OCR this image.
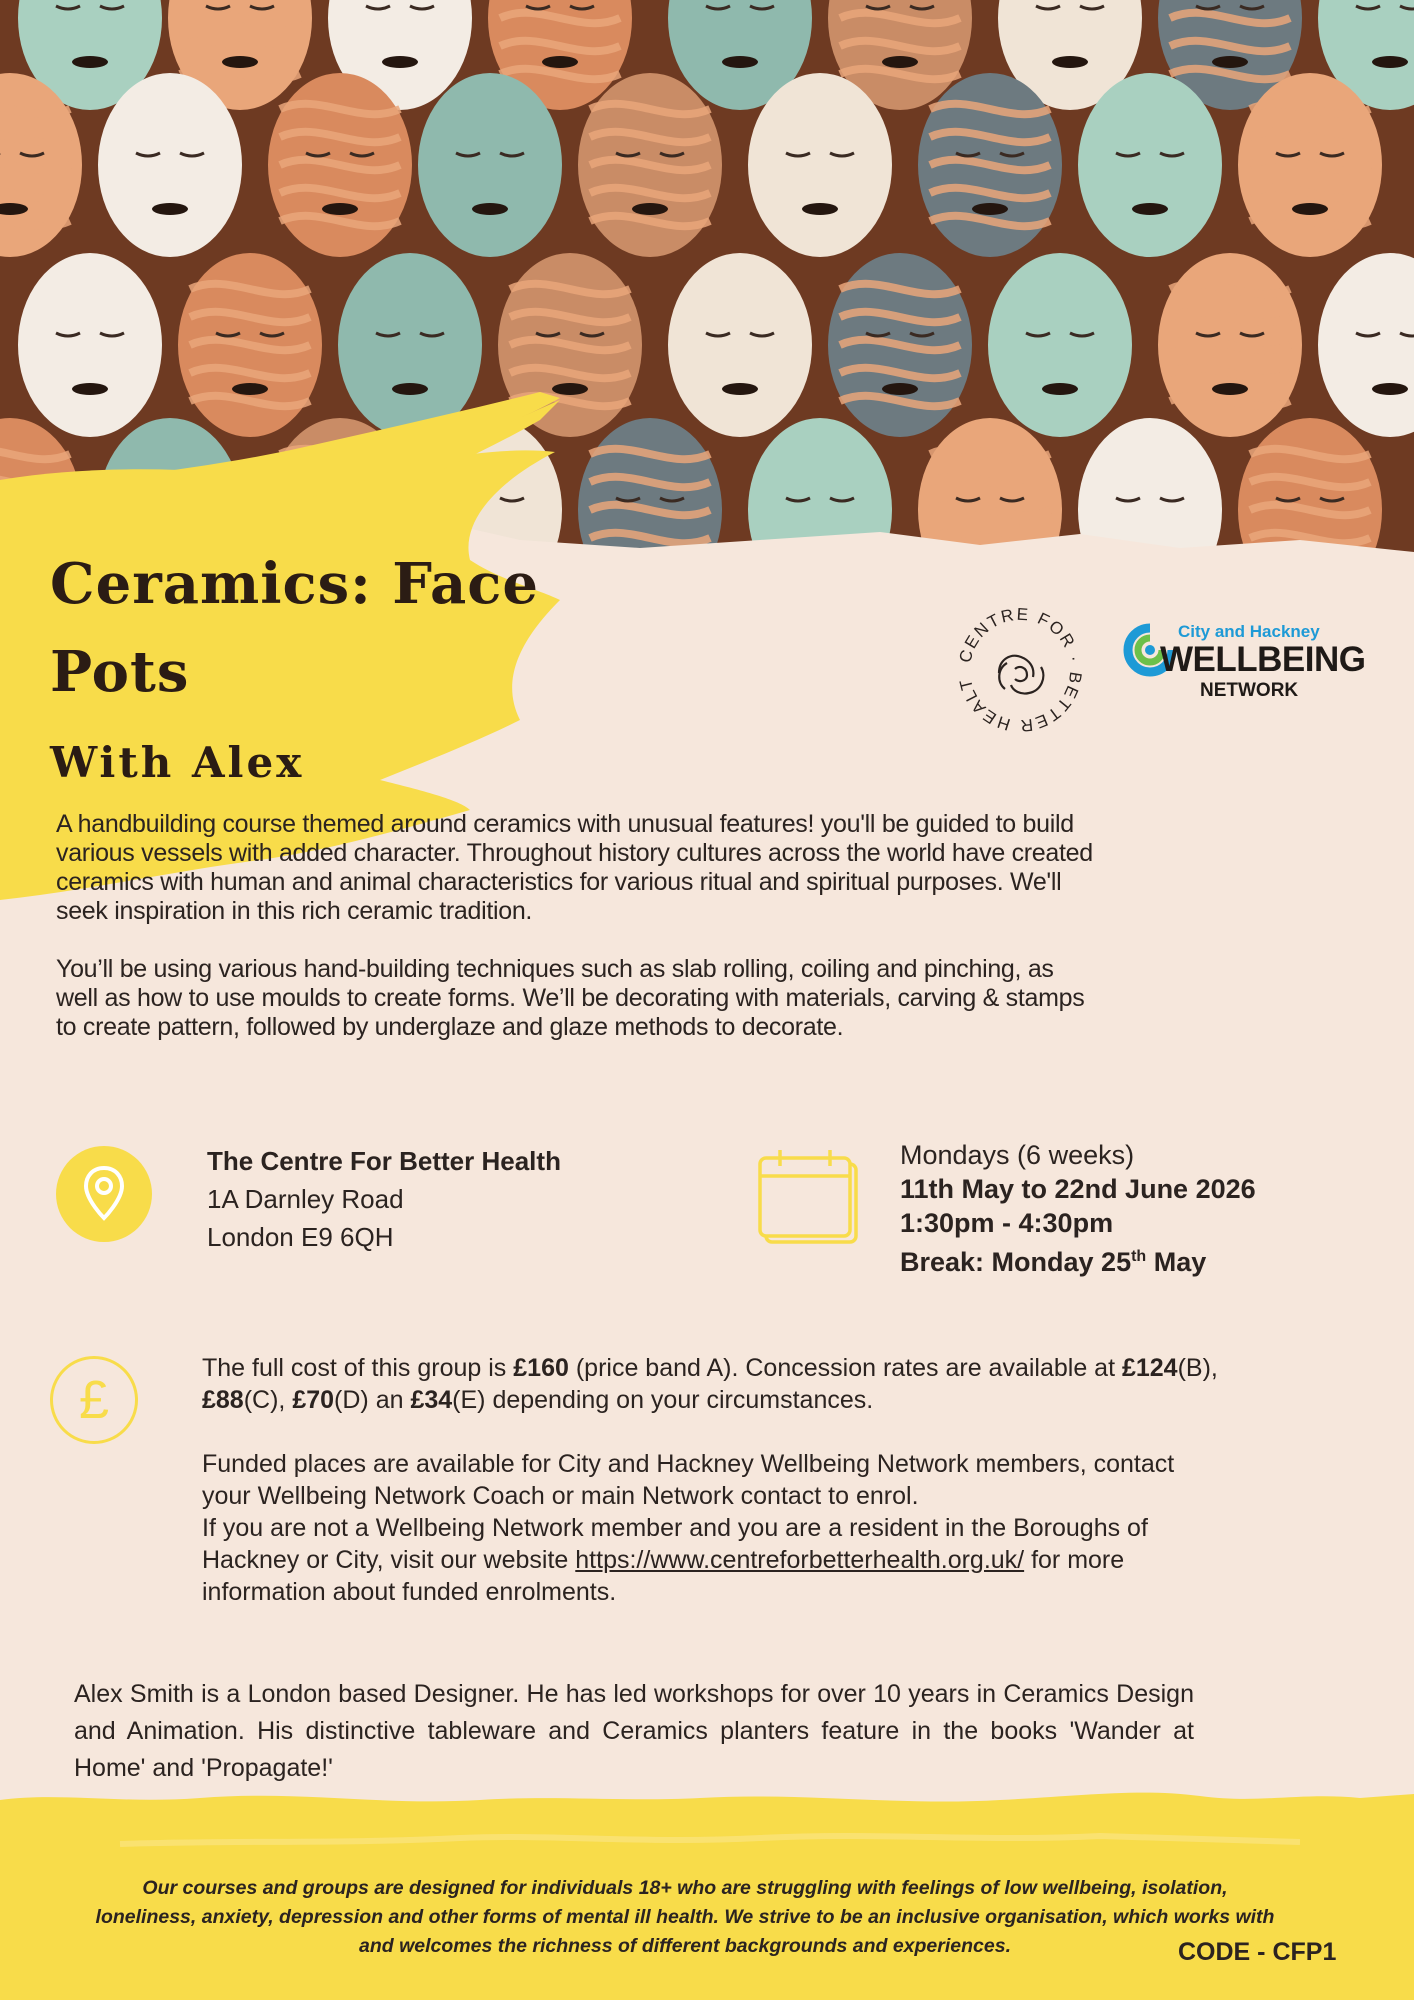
Ceramics: Face Pots
With Alex
CENTRE FOR · BETTER HEALT
City and Hackney
WELLBEING
NETWORK

A handbuilding course themed around ceramics with unusual features! you'll be guided to build various vessels with added character. Throughout history cultures across the world have created ceramics with human and animal characteristics for various ritual and spiritual purposes. We'll seek inspiration in this rich ceramic tradition.

You’ll be using various hand-building techniques such as slab rolling, coiling and pinching, as well as how to use moulds to create forms. We’ll be decorating with materials, carving & stamps to create pattern, followed by underglaze and glaze methods to decorate.

The Centre For Better Health
1A Darnley Road
London E9 6QH
Mondays (6 weeks)
11th May to 22nd June 2026
1:30pm - 4:30pm
Break: Monday 25th May
£

The full cost of this group is £160 (price band A). Concession rates are available at £124(B), £88(C), £70(D) an £34(E) depending on your circumstances.

Funded places are available for City and Hackney Wellbeing Network members, contact your Wellbeing Network Coach or main Network contact to enrol.
If you are not a Wellbeing Network member and you are a resident in the Boroughs of Hackney or City, visit our website https://www.centreforbetterhealth.org.uk/ for more information about funded enrolments.

Alex Smith is a London based Designer. He has led workshops for over 10 years in Ceramics Design and Animation. His distinctive tableware and Ceramics planters feature in the books 'Wander at Home' and 'Propagate!'

Our courses and groups are designed for individuals 18+ who are struggling with feelings of low wellbeing, isolation, loneliness, anxiety, depression and other forms of mental ill health. We strive to be an inclusive organisation, which works with and welcomes the richness of different backgrounds and experiences.	CODE - CFP1
